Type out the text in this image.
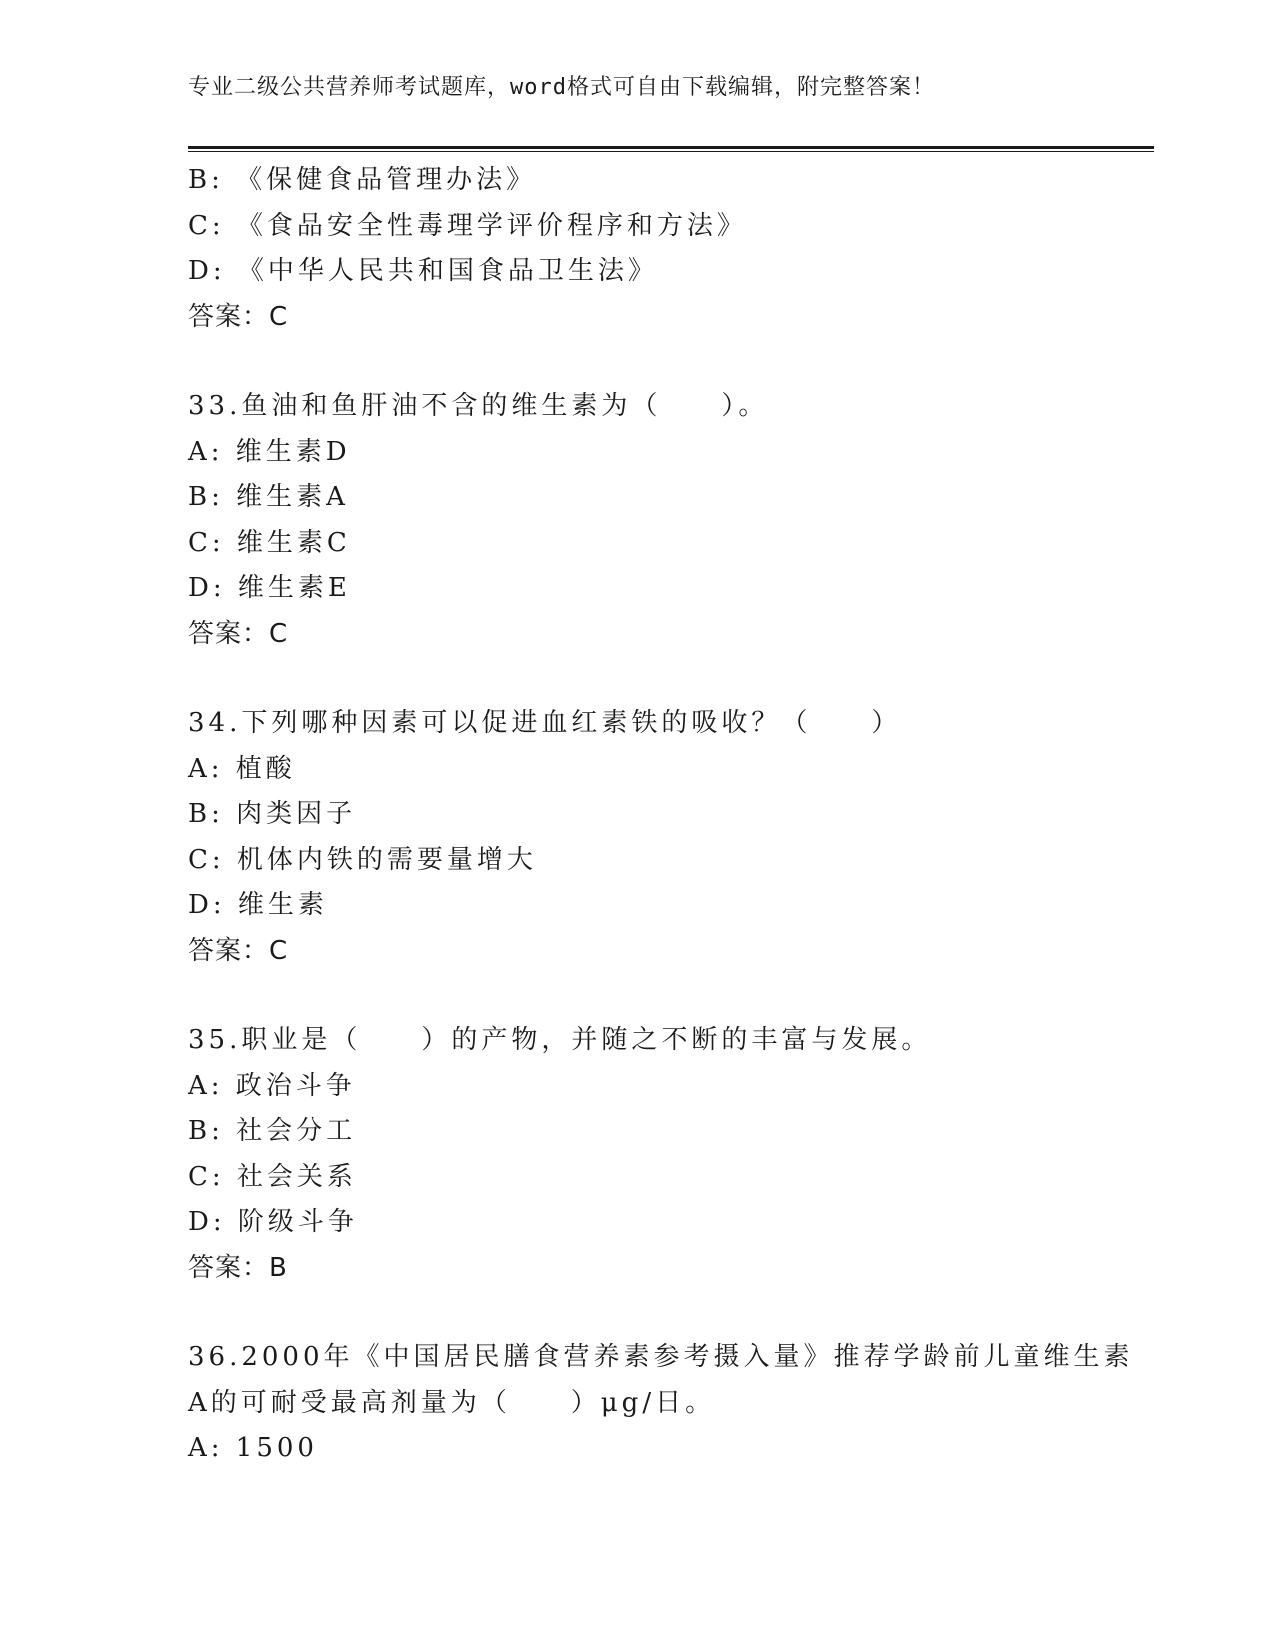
专业二级公共营养师考试题库，word格式可自由下载编辑，附完整答案！
B: 《保健食品管理办法》
C: 《食品安全性毒理学评价程序和方法》
D: 《中华人民共和国食品卫生法》
答案：C
33.鱼油和鱼肝油不含的维生素为（　　）。
A: 维生素D
B: 维生素A
C: 维生素C
D: 维生素E
答案：C
34.下列哪种因素可以促进血红素铁的吸收？（　　）
A: 植酸
B: 肉类因子
C: 机体内铁的需要量增大
D: 维生素
答案：C
35.职业是（　　）的产物，并随之不断的丰富与发展。
A: 政治斗争
B: 社会分工
C: 社会关系
D: 阶级斗争
答案：B
36.2000年《中国居民膳食营养素参考摄入量》推荐学龄前儿童维生素
A的可耐受最高剂量为（　　）μg/日。
A: 1500
